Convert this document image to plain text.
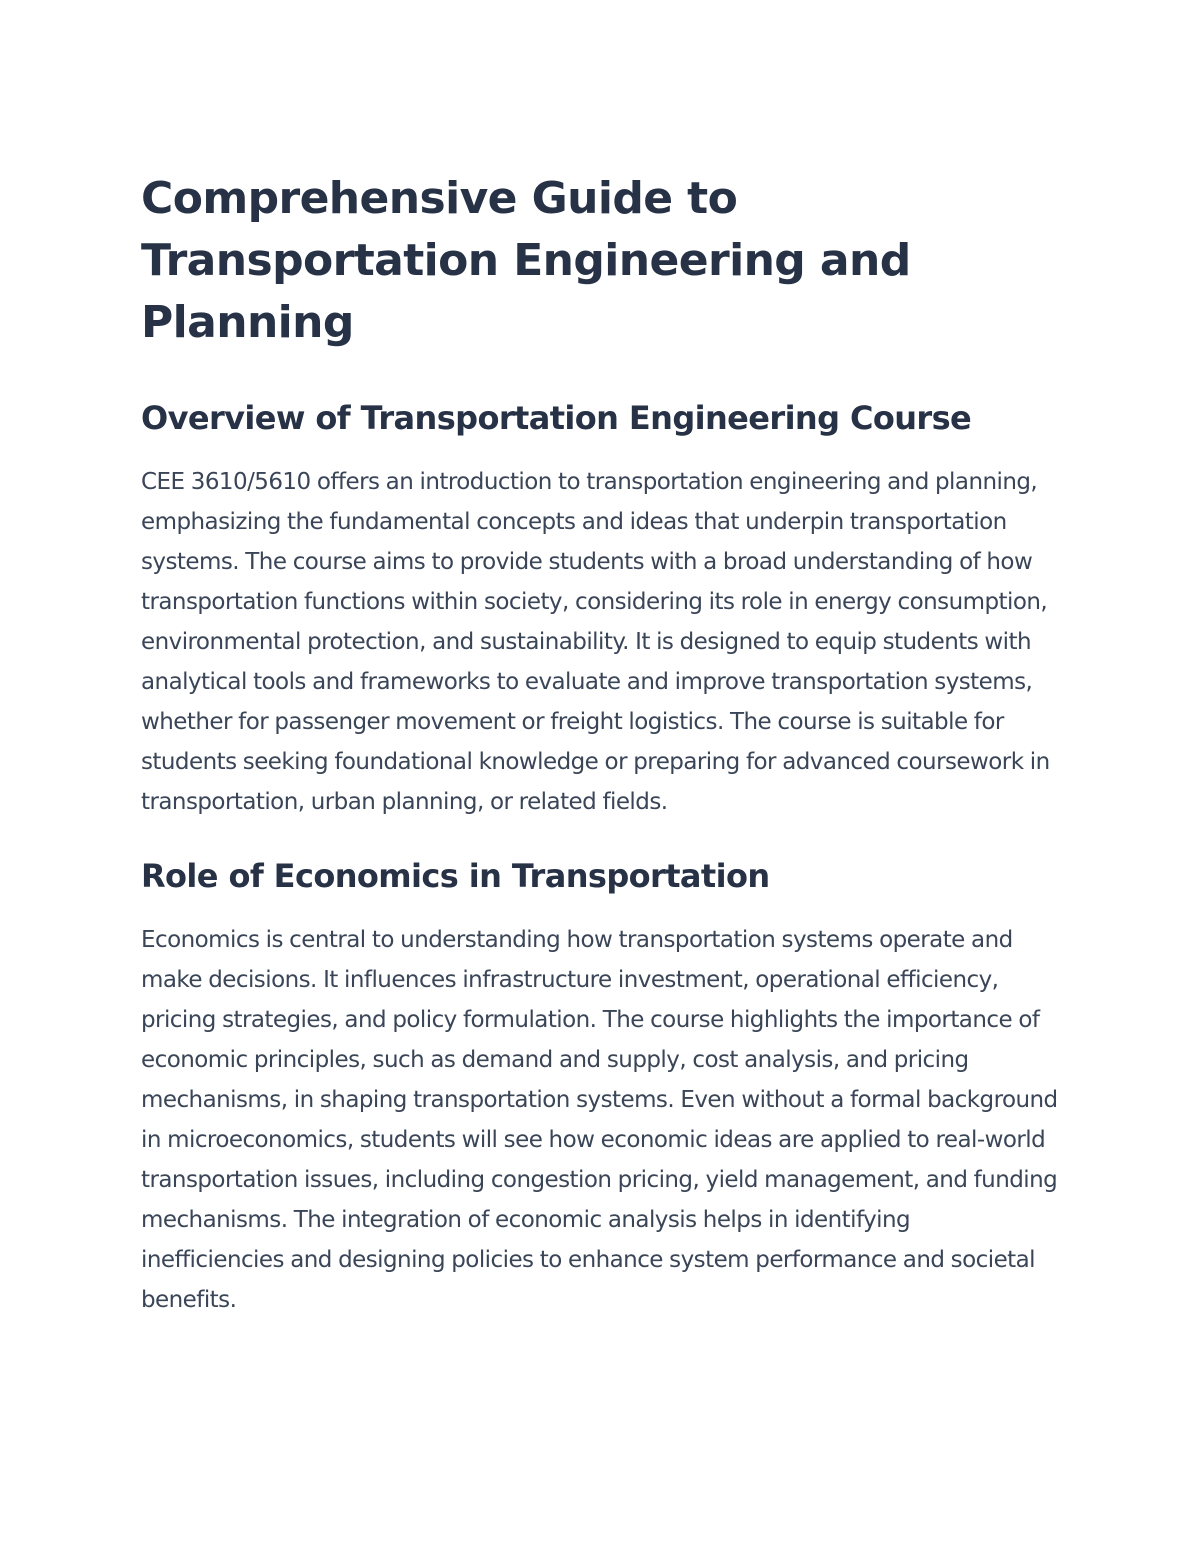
Comprehensive Guide to Transportation Engineering and Planning
Overview of Transportation Engineering Course

CEE 3610/5610 offers an introduction to transportation engineering and planning, emphasizing the fundamental concepts and ideas that underpin transportation systems. The course aims to provide students with a broad understanding of how transportation functions within society, considering its role in energy consumption, environmental protection, and sustainability. It is designed to equip students with analytical tools and frameworks to evaluate and improve transportation systems, whether for passenger movement or freight logistics. The course is suitable for students seeking foundational knowledge or preparing for advanced coursework in transportation, urban planning, or related fields.

Role of Economics in Transportation

Economics is central to understanding how transportation systems operate and make decisions. It influences infrastructure investment, operational efficiency, pricing strategies, and policy formulation. The course highlights the importance of economic principles, such as demand and supply, cost analysis, and pricing mechanisms, in shaping transportation systems. Even without a formal background in microeconomics, students will see how economic ideas are applied to real-world transportation issues, including congestion pricing, yield management, and funding mechanisms. The integration of economic analysis helps in identifying inefficiencies and designing policies to enhance system performance and societal benefits.
